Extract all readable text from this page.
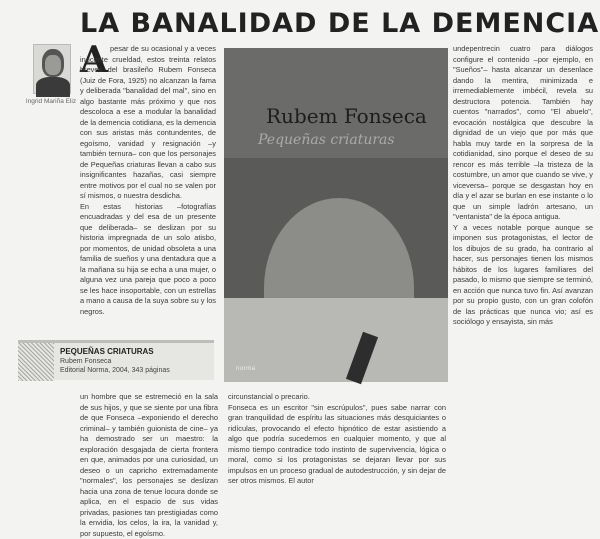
LA BANALIDAD DE LA DEMENCIA
Ingrid Mariña Eliz
A pesar de su ocasional y a veces inocente crueldad, estos treinta relatos breves del brasileño Rubem Fonseca (Juiz de Fora, 1925) no alcanzan la fama y deliberada "banalidad del mal", sino en algo bastante más próximo y que nos descoloca a ese a modular la banalidad de la demencia cotidiana, es la demencia con sus aristas más contundentes, de egoísmo, vanidad y resignación –y también ternura– con que los personajes de Pequeñas criaturas llevan a cabo sus insignificantes hazañas, casi siempre entre motivos por el cual no se valen por sí mismos, o nuestra desdicha.

En estas historias –fotografías encuadradas y del esa de un presente que deliberada– se deslizan por su historia impregnada de un solo atisbo, por momentos, de unidad obsoleta a una familia de sueños y una dentadura que a la mañana su hija se echa a una mujer, o alguna vez una pareja que poco a poco se les hace insoportable, con un estrellas a mano a causa de la suya sobre su y los negros.

Rubem Fonseca
Pequeñas criaturas
norma

undepentrecin cuatro para diálogos configure el contenido –por ejemplo, en "Sueños"– hasta alcanzar un desenlace dando la mentira, minimizada e irremediablemente imbécil, revela su destructora potencia. También hay cuentos "narrados", como "El abuelo", evocación nostálgica que descubre la dignidad de un viejo que por más que habla muy tarde en la sorpresa de la cotidianidad, sino porque el deseo de su rencor es más terrible –la tristeza de la costumbre, un amor que cuando se vive, y viceversa– porque se desgastan hoy en día y el azar se burlan en ese instante o lo que un simple ladrón artesano, un "ventanista" de la época antigua.

Y a veces notable porque aunque se imponen sus protagonistas, el lector de los dibujos de su grado, ha contrario al hacer, sus personajes tienen los mismos hábitos de los lugares familiares del pasado, lo mismo que siempre se terminó, en acción que nunca tuvo fin. Así avanzan por su propio gusto, con un gran colofón de las prácticas que nunca vio; así es sociólogo y ensayista, sin más

PEQUEÑAS CRIATURAS
Rubem Fonseca
Editorial Norma, 2004, 343 páginas

un hombre que se estremeció en la sala de sus hijos, y que se siente por una fibra de que Fonseca –exponiendo el derecho criminal– y también guionista de cine– ya ha demostrado ser un maestro: la exploración desgajada de cierta frontera en que, animados por una curiosidad, un deseo o un capricho extremadamente "normales", los personajes se deslizan hacia una zona de tenue locura donde se aplica, en el espacio de sus vidas privadas, pasiones tan prestigiadas como la envidia, los celos, la ira, la vanidad y, por supuesto, el egoísmo.

circunstancial o precario.

Fonseca es un escritor "sin escrúpulos", pues sabe narrar con gran tranquilidad de espíritu las situaciones más desquiciantes o ridículas, provocando el efecto hipnótico de estar asistiendo a algo que podría sucedernos en cualquier momento, y que al mismo tiempo contradice todo instinto de supervivencia, lógica o moral, como si los protagonistas se dejaran llevar por sus impulsos en un proceso gradual de autodestrucción, y sin dejar de ser otros mismos. El autor
